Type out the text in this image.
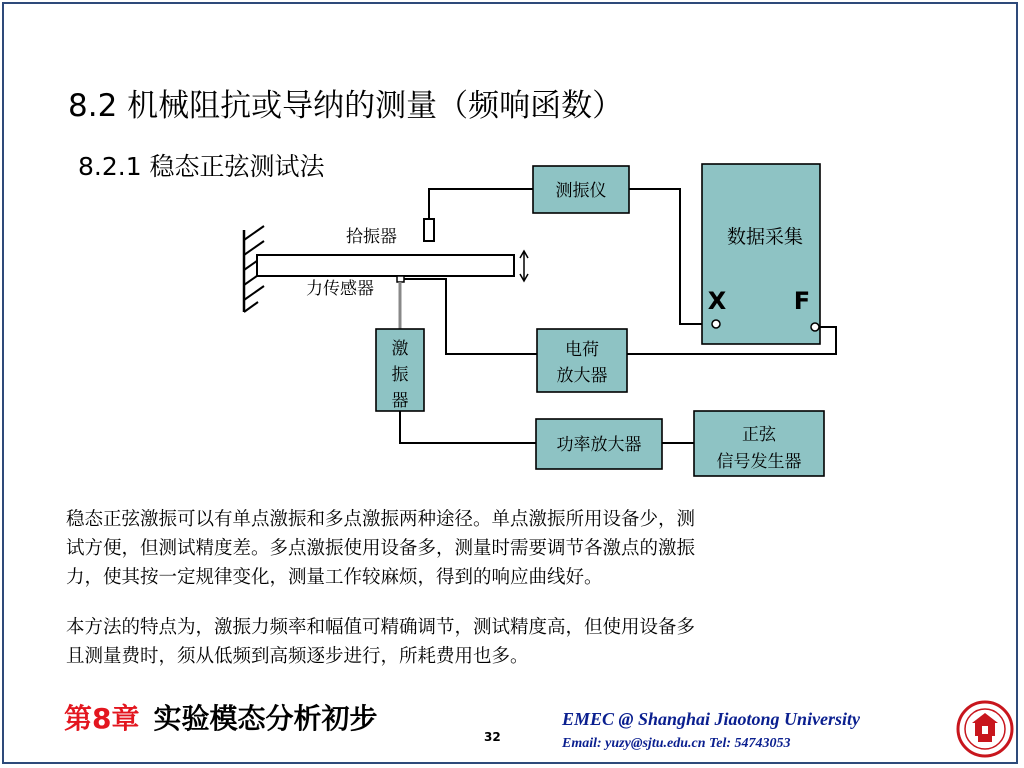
8.2 机械阻抗或导纳的测量（频响函数）
8.2.1 稳态正弦测试法
拾振器
力传感器
测振仪
数据采集
X	F
激
振
器
电荷
放大器
功率放大器	正弦
信号发生器
稳态正弦激振可以有单点激振和多点激振两种途径。单点激振所用设备少，测
试方便，但测试精度差。多点激振使用设备多，测量时需要调节各激点的激振
力，使其按一定规律变化，测量工作较麻烦，得到的响应曲线好。
本方法的特点为，激振力频率和幅值可精确调节，测试精度高，但使用设备多
且测量费时，须从低频到高频逐步进行，所耗费用也多。
第8章 实验模态分析初步
32
EMEC @ Shanghai Jiaotong University
Email: yuzy@sjtu.edu.cn Tel: 54743053
